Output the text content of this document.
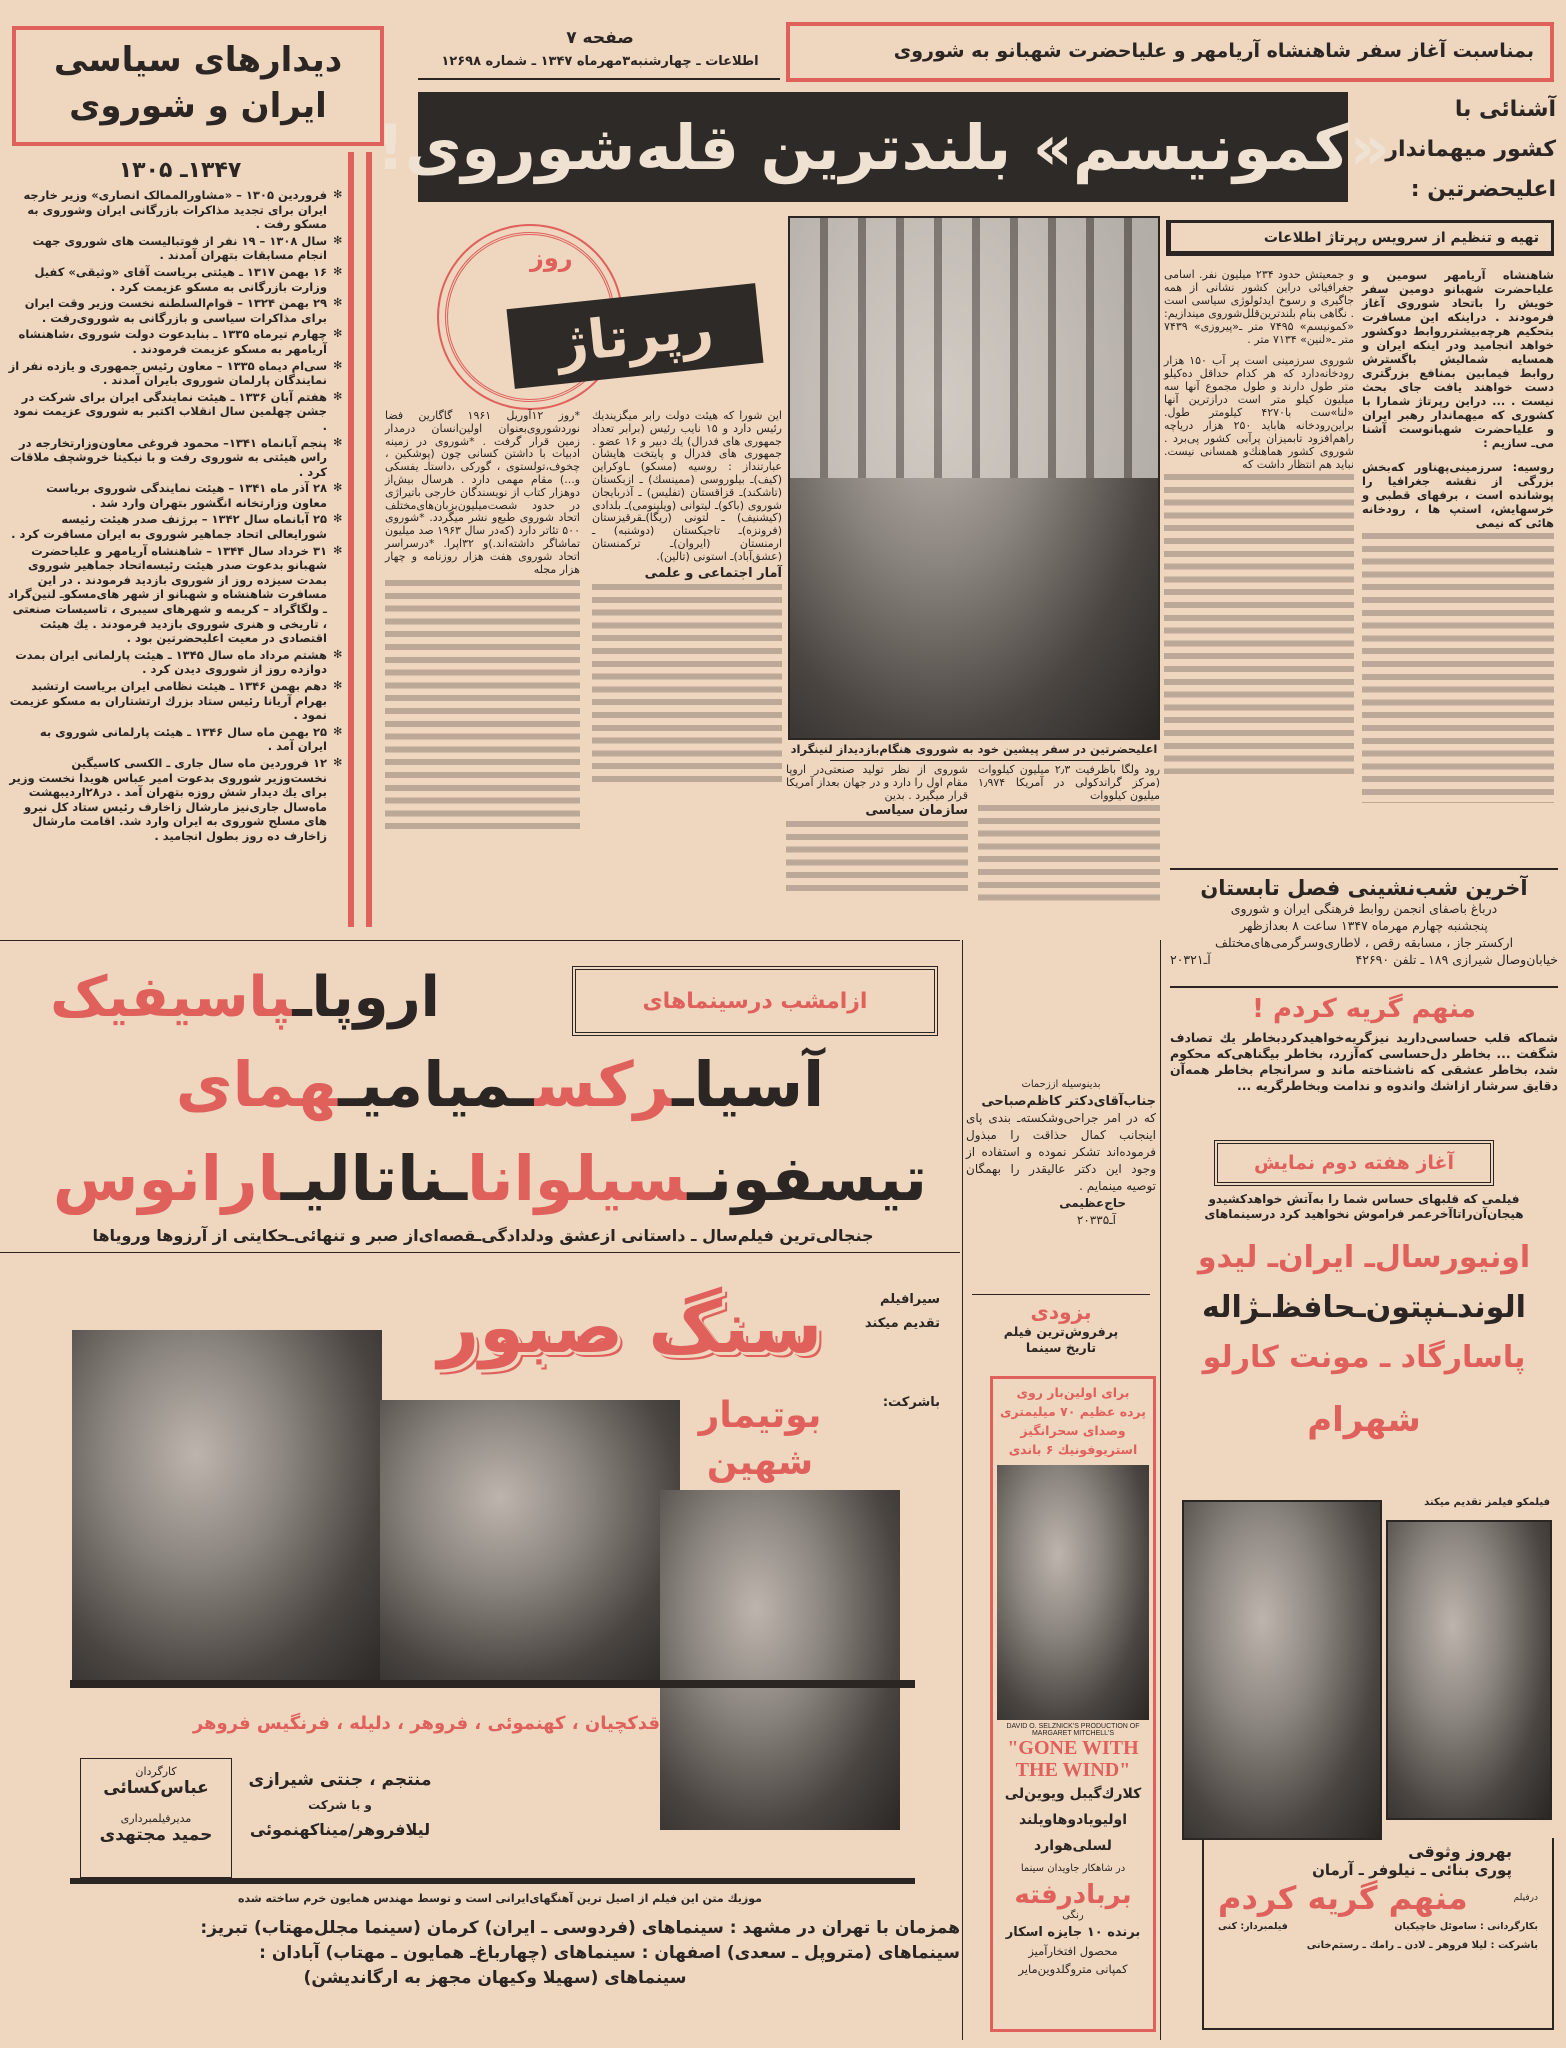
دیدارهای سیاسی
ایران و شوروی
صفحه ۷
اطلاعات ـ چهارشنبه۳مهرماه ۱۳۴۷ ـ شماره ۱۲۶۹۸	بمناسبت آغاز سفر شاهنشاه آریامهر و علیاحضرت شهبانو به شوروی
«کمونیسم» بلندترین قله‌شوروی!
آشنائی با
کشور میهماندار
اعلیحضرتین :
۱۳۴۷ـ ۱۳۰۵
✻ فروردین ۱۳۰۵ – «مشاورالممالک انصاری» وزیر خارجه ایران برای تجدید مذاکرات بازرگانی ایران وشوروی به مسکو رفت .
✻ سال ۱۳۰۸ – ۱۹ نفر از فوتبالیست های شوروی جهت انجام مسابقات بتهران آمدند .
✻ ۱۶ بهمن ۱۳۱۷ ـ هیئتی بریاست آقای «وثیقی» کفیل وزارت بازرگانی به مسکو عزیمت کرد .
✻ ۲۹ بهمن ۱۳۲۴ – قوام‌السلطنه نخست وزیر وقت ایران برای مذاکرات سیاسی و بازرگانی به شوروی‌رفت .
✻ چهارم تیرماه ۱۳۳۵ ـ بنابدعوت دولت شوروی ،شاهنشاه آریامهر به مسکو عزیمت فرمودند .
✻ سی‌ام دیماه ۱۳۳۵ – معاون رئیس جمهوری و یازده نفر از نمایندگان پارلمان شوروی بایران آمدند .
✻ هفتم آبان ۱۳۳۶ ـ هیئت نمایندگی ایران برای شرکت در جشن چهلمین سال انقلاب اکتبر به شوروی عزیمت نمود .
✻ پنجم آبانماه ۱۳۴۱– محمود فروغی معاون‌وزارتخارجه در راس هیئتی به شوروی رفت و با نیکیتا خروشچف ملاقات کرد .
✻ ۲۸ آذر ماه ۱۳۴۱ – هیئت نمایندگی شوروی بریاست معاون وزارتخانه انگشور بتهران وارد شد .
✻ ۲۵ آبانماه سال ۱۳۴۲ – برژنف صدر هیئت رئیسه شورایعالی اتحاد جماهیر شوروی به ایران مسافرت کرد .
✻ ۳۱ خرداد سال ۱۳۴۴ – شاهنشاه آریامهر و علیاحضرت شهبانو بدعوت صدر هیئت رئیسه‌اتحاد جماهیر شوروی بمدت سیزده روز از شوروی بازدید فرمودند . در این مسافرت شاهنشاه و شهبانو از شهر های‌مسکو‌ـ لنین‌گراد ـ ولگاگراد – کریمه و شهرهای سیبری ، تاسیسات صنعتی ، تاریخی و هنری شوروی بازدید فرمودند . یك هیئت اقتصادی در معیت اعلیحضرتین بود .
✻ هشتم مرداد ماه سال ۱۳۴۵ ـ هیئت پارلمانی ایران بمدت دوازده روز از شوروی دیدن کرد .
✻ دهم بهمن ۱۳۴۶ ـ هیئت نظامی ایران بریاست ارتشبد بهرام آریانا رئیس ستاد بزرك ارتشتاران به مسکو عزیمت نمود .
✻ ۲۵ بهمن ماه سال ۱۳۴۶ ـ هیئت پارلمانی شوروی به ایران آمد .
✻ ۱۲ فروردین ماه سال جاری ـ الکسی کاسیگین نخست‌وزیر شوروی بدعوت امیر عباس هویدا نخست وزیر برای یك دیدار شش روزه بتهران آمد . در۲۸اردیبهشت ماه‌سال جاری‌نیز مارشال زاخارف رئیس ستاد کل نیرو های مسلح شوروی به ایران وارد شد. اقامت مارشال زاخارف ده روز بطول انجامید .
روز
رپرتاژ
این شورا که هیئت دولت رابر میگزیندیك رئیس دارد و ۱۵ نایب رئیس (برابر تعداد جمهوری های فدرال) یك دبیر و ۱۶ عضو . جمهوری های فدرال و پایتخت هایشان عبارتنداز : روسیه (مسکو) ـاوکراین (کیف)ـ بیلوروسی (ممینسك) ـ ازبکستان (تاشکند)ـ قزاقستان (تفلیس) ـ آذربایجان شوروی (باکو)ـ لیتوانی (ویلینومی)ـ بلدادی (کیشنیف) ـ لتونی (ریگا)ـقرقیزستان (فرونزه)ـ تاجیکستان (دوشنبه) ـ ارمنستان (ایروان)ـ ترکمنستان (عشق‌آباد)ـ استونی (تالین).
آمار اجتماعی و علمی
*روز ۱۲آوریل ۱۹۶۱ گاگارین فضا نوردشوروی‌بعنوان اولین‌انسان درمدار زمین قرار گرفت . *شوروی در زمینه ادبیات با داشتن کسانی چون (پوشکین ، چخوف،تولستوی ، گورکی ،داستا‌ـ یفسکی و...) مقام مهمی دارد . هرسال بیش‌از دوهزار کتاب از نویسندگان خارجی باتیراژی در حدود شصت‌میلیون‌بزبان‌های‌مختلف اتحاد شوروی طبع‌و نشر میگردد. *شوروی ۵۰۰ تئاتر دارد (که‌در سال ۱۹۶۳ صد میلیون تماشاگر داشته‌اند.)و ۳۲اپرا. *درسراسر اتحاد شوروی هفت هزار روزنامه و چهار هزار مجله
اعلیحضرتین در سفر پیشین خود به شوروی هنگام‌بازدیداز لنینگراد
رود ولگا باظرفیت ۲٫۳ میلیون کیلووات (مرکز گراندکولی در آمریکا ۱٫۹۷۴ میلیون کیلووات
شوروی از نظر تولید صنعتی‌در اروپا مقام اول را دارد و در جهان بعداز آمریکا قرار میگیرد . بدین
سازمان سیاسی
تهیه و تنظیم از سرویس رپرتاژ اطلاعات
شاهنشاه آریامهر سومین و علیاحضرت شهبانو دومین سفر خویش را باتحاد شوروی آغاز فرمودند . دراینکه این مسافرت بتحکیم هرچه‌بیشترروابط دوکشور خواهد انجامید ودر اینکه ایران و همسایه شمالیش باگسترش روابط فیمابین بمنافع بزرگتری دست خواهند یافت جای بحث نیست . ... دراین رپرتاژ شمارا با کشوری که میهماندار رهبر ایران و علیاحضرت شهبانوست آشنا می‌ـ سازیم :
روسیه: سرزمینی‌پهناور که‌بخش بزرگی از نقشه جغرافیا را پوشانده است ، برفهای قطبی و خرسهایش، استپ ها ، رودخانه هائی که نیمی
و جمعیتش حدود ۲۳۴ میلیون نفر. اسامی جغرافیائی دراین کشور نشانی از همه جاگیری و رسوخ ایدئولوژی سیاسی است . نگاهی بنام بلندترین‌قلل‌شوروی میندازیم: «کمونیسم» ۷۴۹۵ متر ـ«پیروزی» ۷۴۳۹ متر ـ«لنین» ۷۱۳۴ متر .
شوروی سرزمینی است پر آب ۱۵۰ هزار رودخانه‌دارد که هر کدام حداقل ده‌کیلو متر طول دارند و طول مجموع آنها سه میلیون کیلو متر است درازترین آنها «لنا»ست با۴۲۷۰ کیلومتر طول. براین‌رودخانه هاباید ۲۵۰ هزار دریاچه راهم‌افزود تابمیزان پرآبی کشور پی‌برد . شوروی کشور هماهنك‌و همسانی نیست. نباید هم انتظار داشت که
آخرین شب‌نشینی فصل تابستان
درباغ باصفای انجمن روابط فرهنگی ایران و شوروی
پنجشنبه چهارم مهرماه ۱۳۴۷ ساعت ۸ بعدازظهر
ارکستر جاز ، مسابقه رقص ، لاطاری‌وسرگرمی‌های‌مختلف
خیابان‌وصال شیرازی ۱۸۹ ـ تلفن ۴۲۶۹۰
آـ۲۰۳۲۱
منهم گریه کردم !
شماکه قلب حساسی‌دارید نیزگریه‌خواهیدکردبخاطر یك تصادف شگفت ... بخاطر دل‌حساسی که‌آزرد، بخاطر بیگناهی‌که محکوم شد، بخاطر عشقی که ناشناخته ماند و سرانجام بخاطر همه‌آن دقایق سرشار ازاشك واندوه و ندامت وبخاطرگریه ...
آغاز هفته دوم نمایش
فیلمی که قلبهای حساس شما را به‌آتش خواهدکشیدو هیجان‌آن‌راتاآخرعمر فراموش نخواهید کرد درسینماهای
اونیورسال‌ـ ایران‌ـ لیدو
الوند‌ـنپتون‌ـحافظ‌ـژاله
پاسارگاد ـ مونت کارلو
شهرام
فیلمکو فیلمز تقدیم میکند
بهروز وثوقی
پوری بنائی ـ نیلوفر ـ آرمان
درفیلم
منهم گریه کردم
بکارگردانی : ساموئل خاچیکیان
فیلمبردار: کنی
باشرکت : لیلا فروهر ـ لادن ـ رامك ـ رستم‌خانی
ازامشب درسینماهای
اروپاـپاسیفیک
آسیاـرکسـمیامیـهمای
تیسفونـسیلواناـناتالیـارانوس
جنجالی‌ترین فیلم‌سال ـ داستانی ازعشق ودلدادگی‌ـقصه‌ای‌از صبر و تنهائی‌ـحکایتی از آرزوها ورویاها
سیرافیلم
تقدیم میکند
سنگ صبور
باشرکت:
بوتیمار
شهین
قدکچیان ، کهنموئی ، فروهر ، دلیله ، فرنگیس فروهر
کارگردان
عباس‌کسائی
مدیرفیلمبرداری
حمید مجتهدی
منتجم ، جنتی شیرازی
و با شرکت
لیلافروهر/میناکهنموئی
موزیك متن این فیلم از اصیل ترین آهنگهای‌ایرانی است و توسط مهندس همایون خرم ساخته شده
همزمان با تهران در مشهد : سینماهای (فردوسی ـ ایران) کرمان (سینما مجلل‌مهتاب) تبریز:
سینماهای (متروپل ـ سعدی) اصفهان : سینماهای (چهارباغ‌ـ همایون ـ مهتاب) آبادان :
سینماهای (سهیلا وکیهان مجهز به ارگاندیشن)
بدینوسیله اززحمات
جناب‌آقای‌دکتر کاظم‌صباحی
که در امر جراحی‌وشکسته‌ـ بندی پای اینجانب کمال حذاقت را مبذول فرموده‌اند تشکر نموده و استفاده از وجود این دکتر عالیقدر را بهمگان توصیه مینمایم .
حاج‌عظیمی
آـ۲۰۳۳۵
بزودی
پرفروش‌ترین فیلم
تاریخ سینما
برای اولین‌بار روی
پرده عظیم ۷۰ میلیمتری
وصدای سحرانگیز
استریوفونیك ۶ باندی
DAVID O. SELZNICK'S PRODUCTION OF
MARGARET MITCHELL'S
"GONE WITH
THE WIND"
کلارك‌گیبل ویوین‌لی
اولیویادوهاویلند
لسلی‌هوارد
در شاهکار جاویدان سینما
بربادرفته
رنگی
برنده ۱۰ جایزه اسکار
محصول افتخارآمیز
کمپانی متروگلدوین‌مایر
